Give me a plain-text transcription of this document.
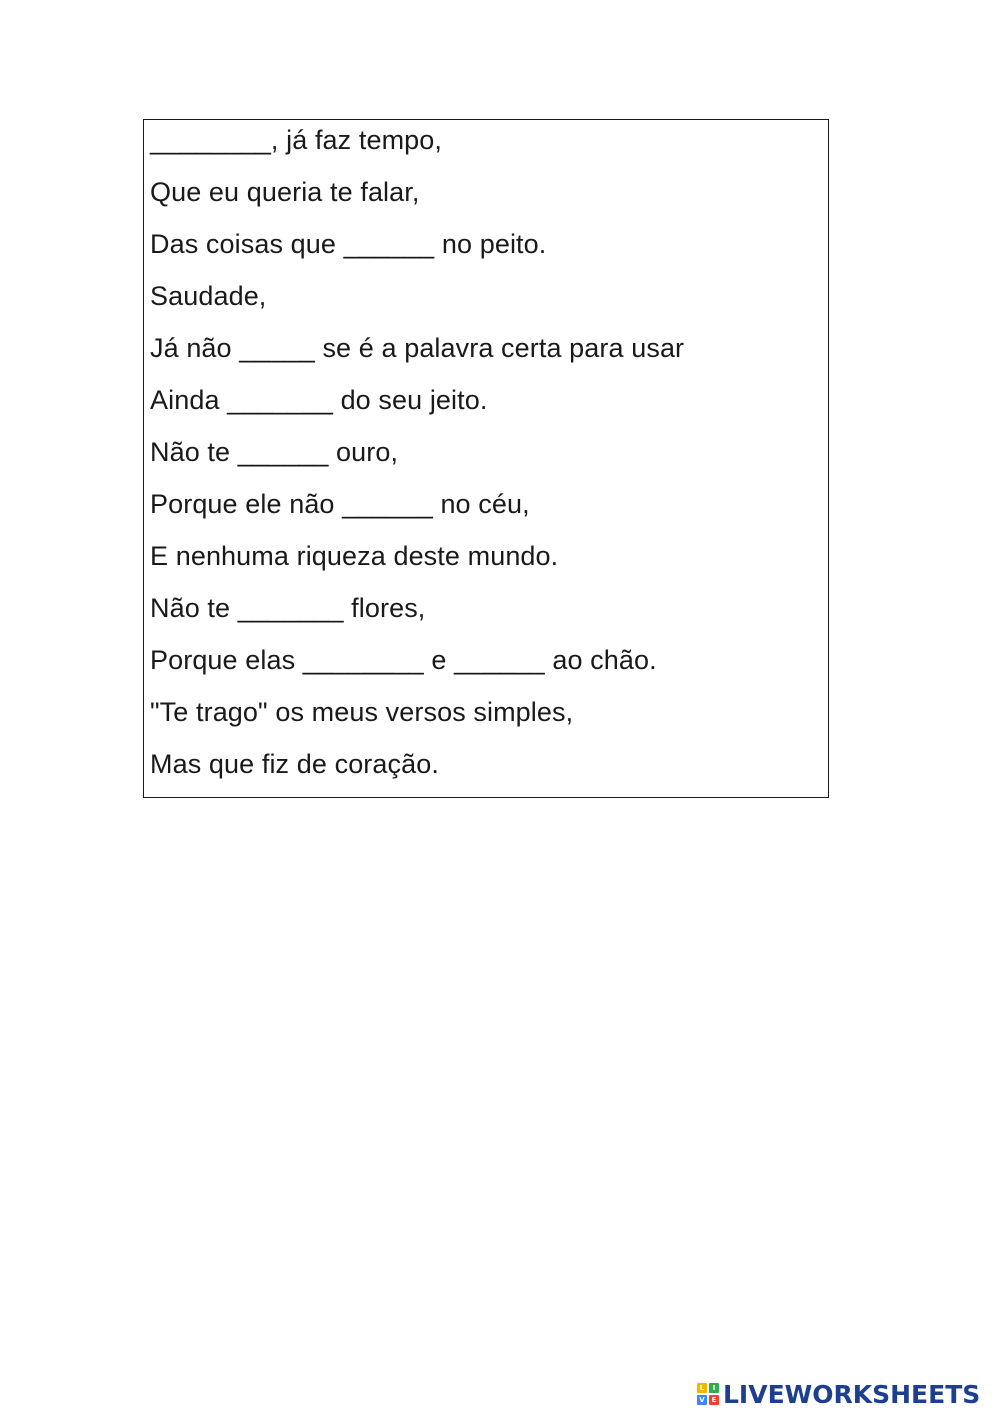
________, já faz tempo,
Que eu queria te falar,
Das coisas que ______ no peito.
Saudade,
Já não _____ se é a palavra certa para usar
Ainda _______ do seu jeito.
Não te ______ ouro,
Porque ele não ______ no céu,
E nenhuma riqueza deste mundo.
Não te _______ flores,
Porque elas ________ e ______ ao chão.
"Te trago" os meus versos simples,
Mas que fiz de coração.
L	I
V E LIVEWORKSHEETS
